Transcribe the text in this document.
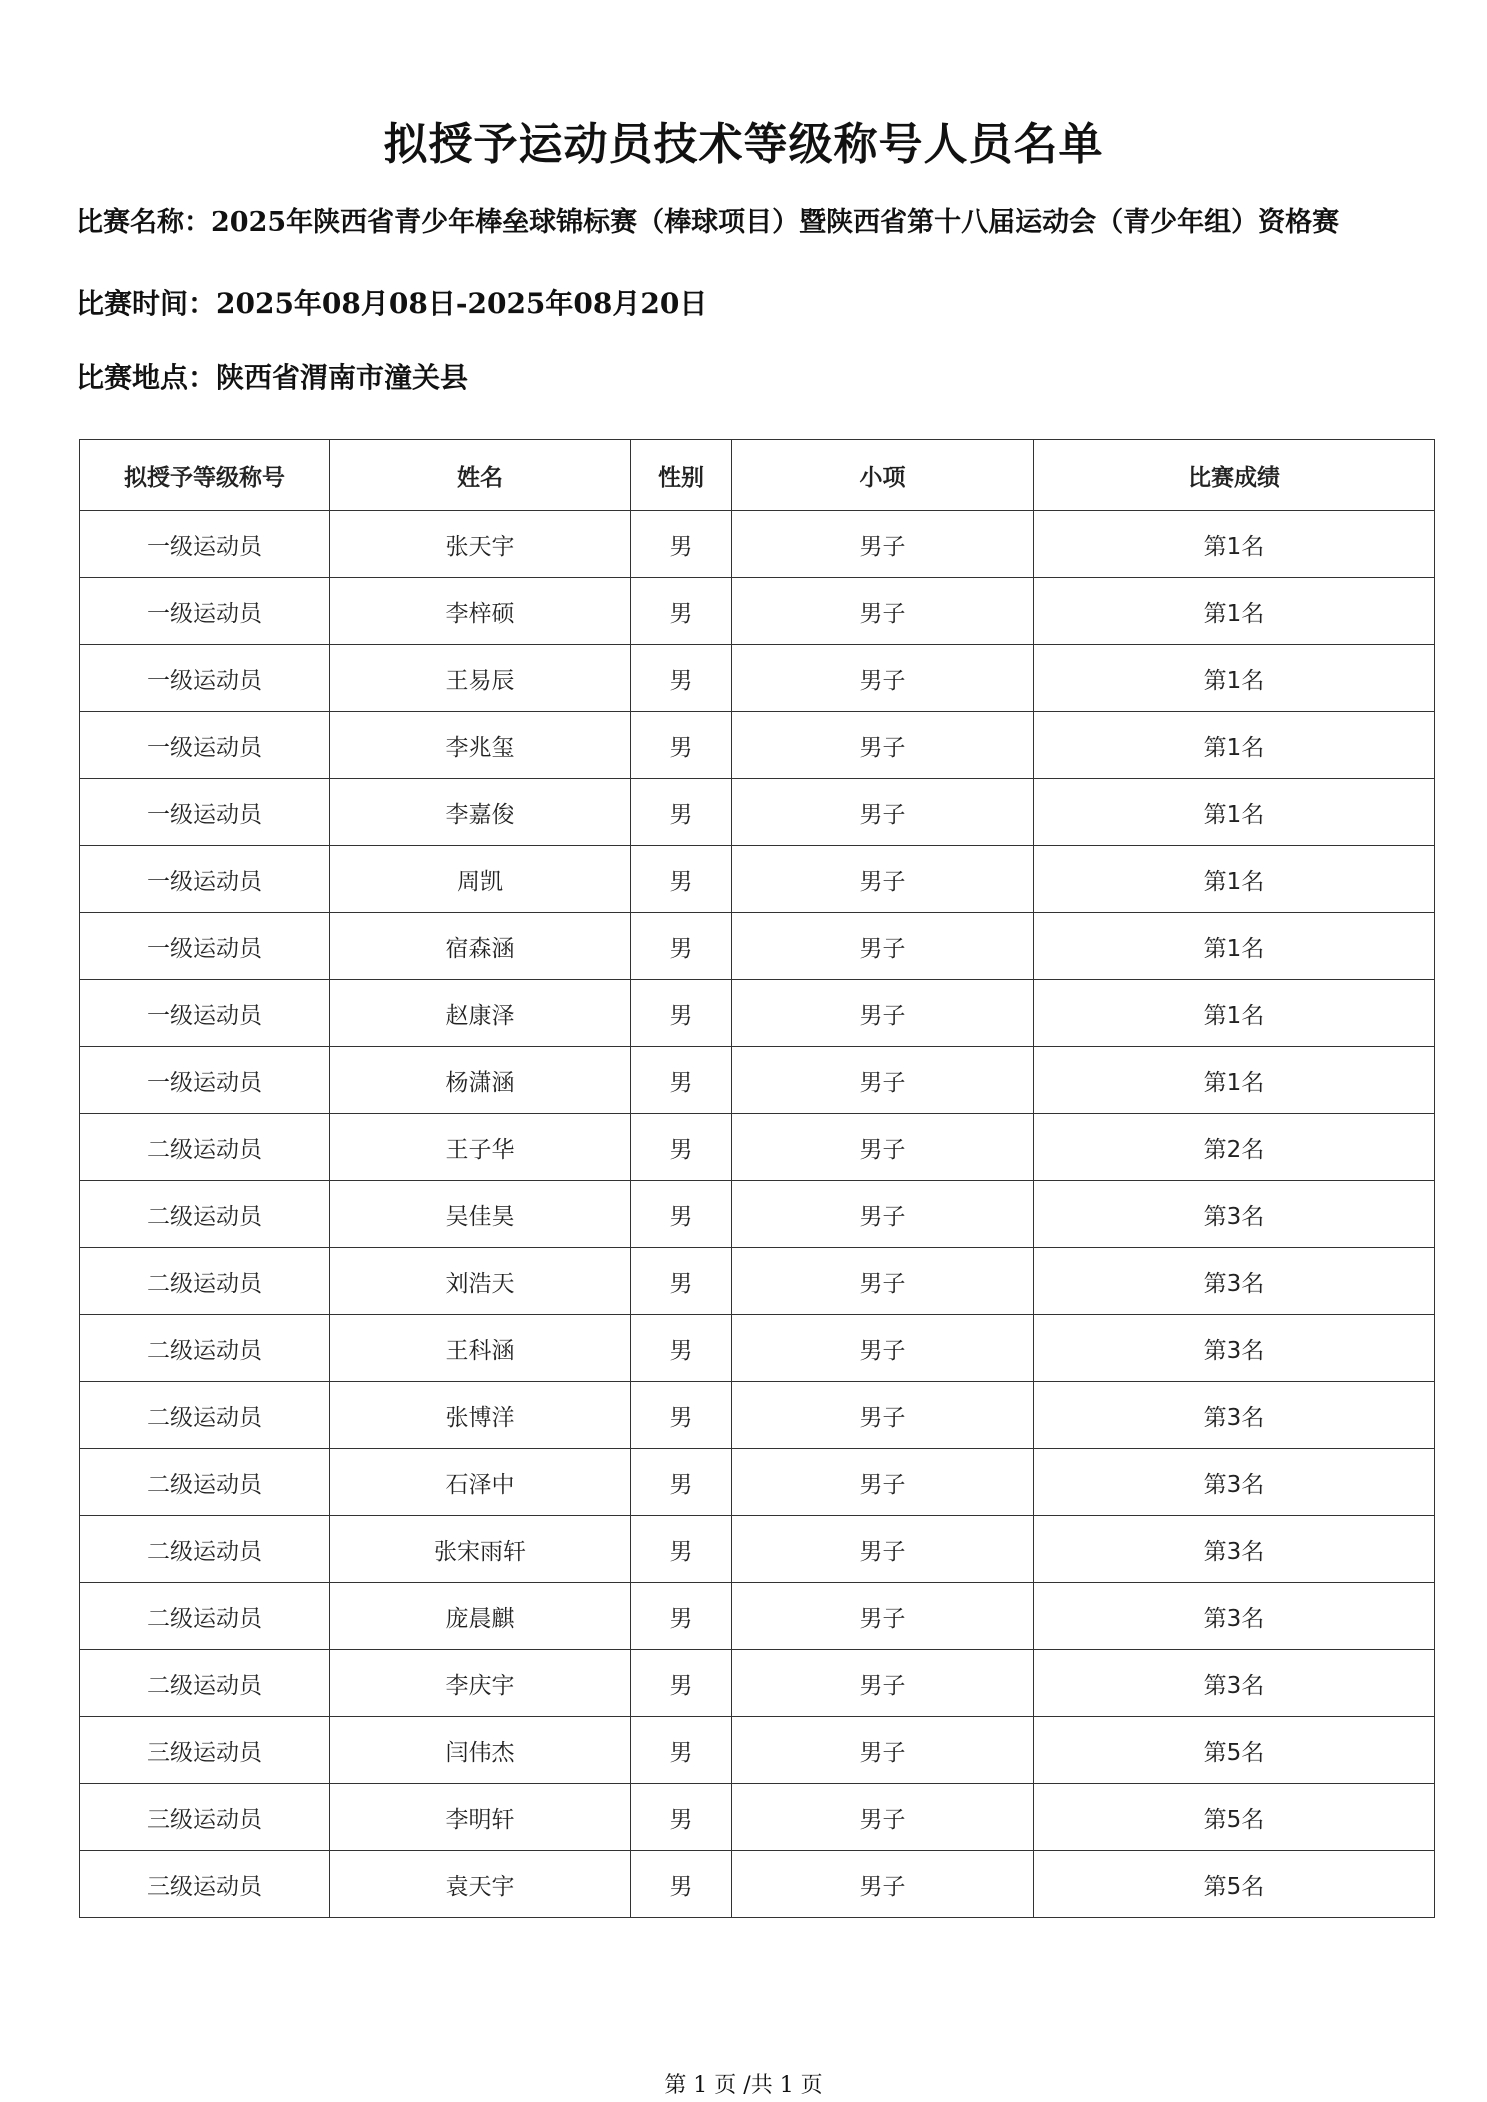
拟授予运动员技术等级称号人员名单
比赛名称：2025年陕西省青少年棒垒球锦标赛（棒球项目）暨陕西省第十八届运动会（青少年组）资格赛
比赛时间：2025年08月08日-2025年08月20日
比赛地点：陕西省渭南市潼关县
拟授予等级称号	姓名	性别	小项	比赛成绩
一级运动员	张天宇	男	男子	第1名
一级运动员	李梓硕	男	男子	第1名
一级运动员	王易辰	男	男子	第1名
一级运动员	李兆玺	男	男子	第1名
一级运动员	李嘉俊	男	男子	第1名
一级运动员	周凯	男	男子	第1名
一级运动员	宿森涵	男	男子	第1名
一级运动员	赵康泽	男	男子	第1名
一级运动员	杨潇涵	男	男子	第1名
二级运动员	王子华	男	男子	第2名
二级运动员	吴佳昊	男	男子	第3名
二级运动员	刘浩天	男	男子	第3名
二级运动员	王科涵	男	男子	第3名
二级运动员	张博洋	男	男子	第3名
二级运动员	石泽中	男	男子	第3名
二级运动员	张宋雨轩	男	男子	第3名
二级运动员	庞晨麒	男	男子	第3名
二级运动员	李庆宇	男	男子	第3名
三级运动员	闫伟杰	男	男子	第5名
三级运动员	李明轩	男	男子	第5名
三级运动员	袁天宇	男	男子	第5名
第 1 页 /共 1 页
